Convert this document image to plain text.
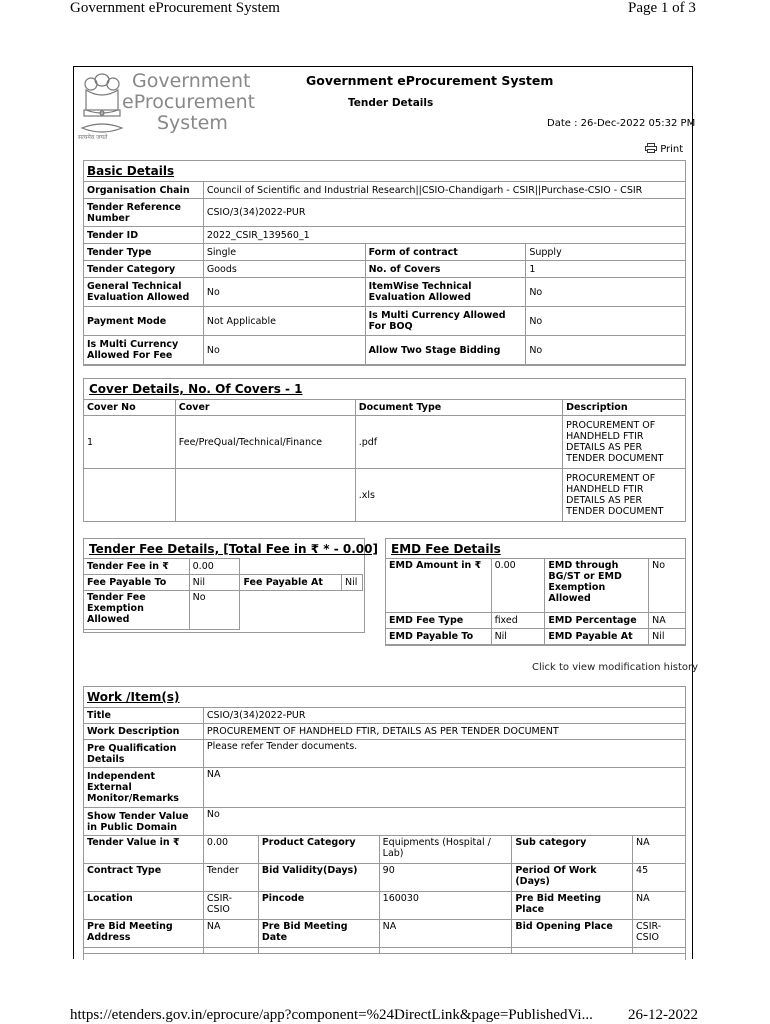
Government eProcurement System	Page 1 of 3
सत्यमेव जयते
Government
eProcurement
System
Government eProcurement System
Tender Details
Date : 26-Dec-2022 05:32 PM
Print
Basic Details
Organisation Chain	Council of Scientific and Industrial Research||CSIO-Chandigarh - CSIR||Purchase-CSIO - CSIR		
Tender Reference Number	CSIO/3(34)2022-PUR		
Tender ID	2022_CSIR_139560_1		
Tender Type	Single	Form of contract	Supply
Tender Category	Goods	No. of Covers	1
General Technical Evaluation Allowed	No	ItemWise Technical Evaluation Allowed	No
Payment Mode	Not Applicable	Is Multi Currency Allowed For BOQ	No
Is Multi Currency Allowed For Fee	No	Allow Two Stage Bidding	No
Cover Details, No. Of Covers - 1
Cover No	Cover	Document Type	Description
1	Fee/PreQual/Technical/Finance	.pdf	PROCUREMENT OF HANDHELD FTIR DETAILS AS PER TENDER DOCUMENT
		.xls	PROCUREMENT OF HANDHELD FTIR DETAILS AS PER TENDER DOCUMENT
Tender Fee Details, [Total Fee in ₹ * - 0.00]
Tender Fee in ₹	0.00		
Fee Payable To	Nil	Fee Payable At	Nil
Tender Fee Exemption Allowed	No		
EMD Fee Details
EMD Amount in ₹	0.00	EMD through BG/ST or EMD Exemption Allowed	No
EMD Fee Type	fixed	EMD Percentage	NA
EMD Payable To	Nil	EMD Payable At	Nil
Click to view modification history
Work /Item(s)
Title	CSIO/3(34)2022-PUR				
Work Description	PROCUREMENT OF HANDHELD FTIR, DETAILS AS PER TENDER DOCUMENT				
Pre Qualification Details	Please refer Tender documents.				
Independent External Monitor/Remarks	NA				
Show Tender Value in Public Domain	No				
Tender Value in ₹	0.00	Product Category	Equipments (Hospital / Lab)	Sub category	NA
Contract Type	Tender	Bid Validity(Days)	90	Period Of Work (Days)	45
Location	CSIR-CSIO	Pincode	160030	Pre Bid Meeting Place	NA
Pre Bid Meeting Address	NA	Pre Bid Meeting Date	NA	Bid Opening Place	CSIR-CSIO

https://etenders.gov.in/eprocure/app?component=%24DirectLink&page=PublishedVi... 26-12-2022
